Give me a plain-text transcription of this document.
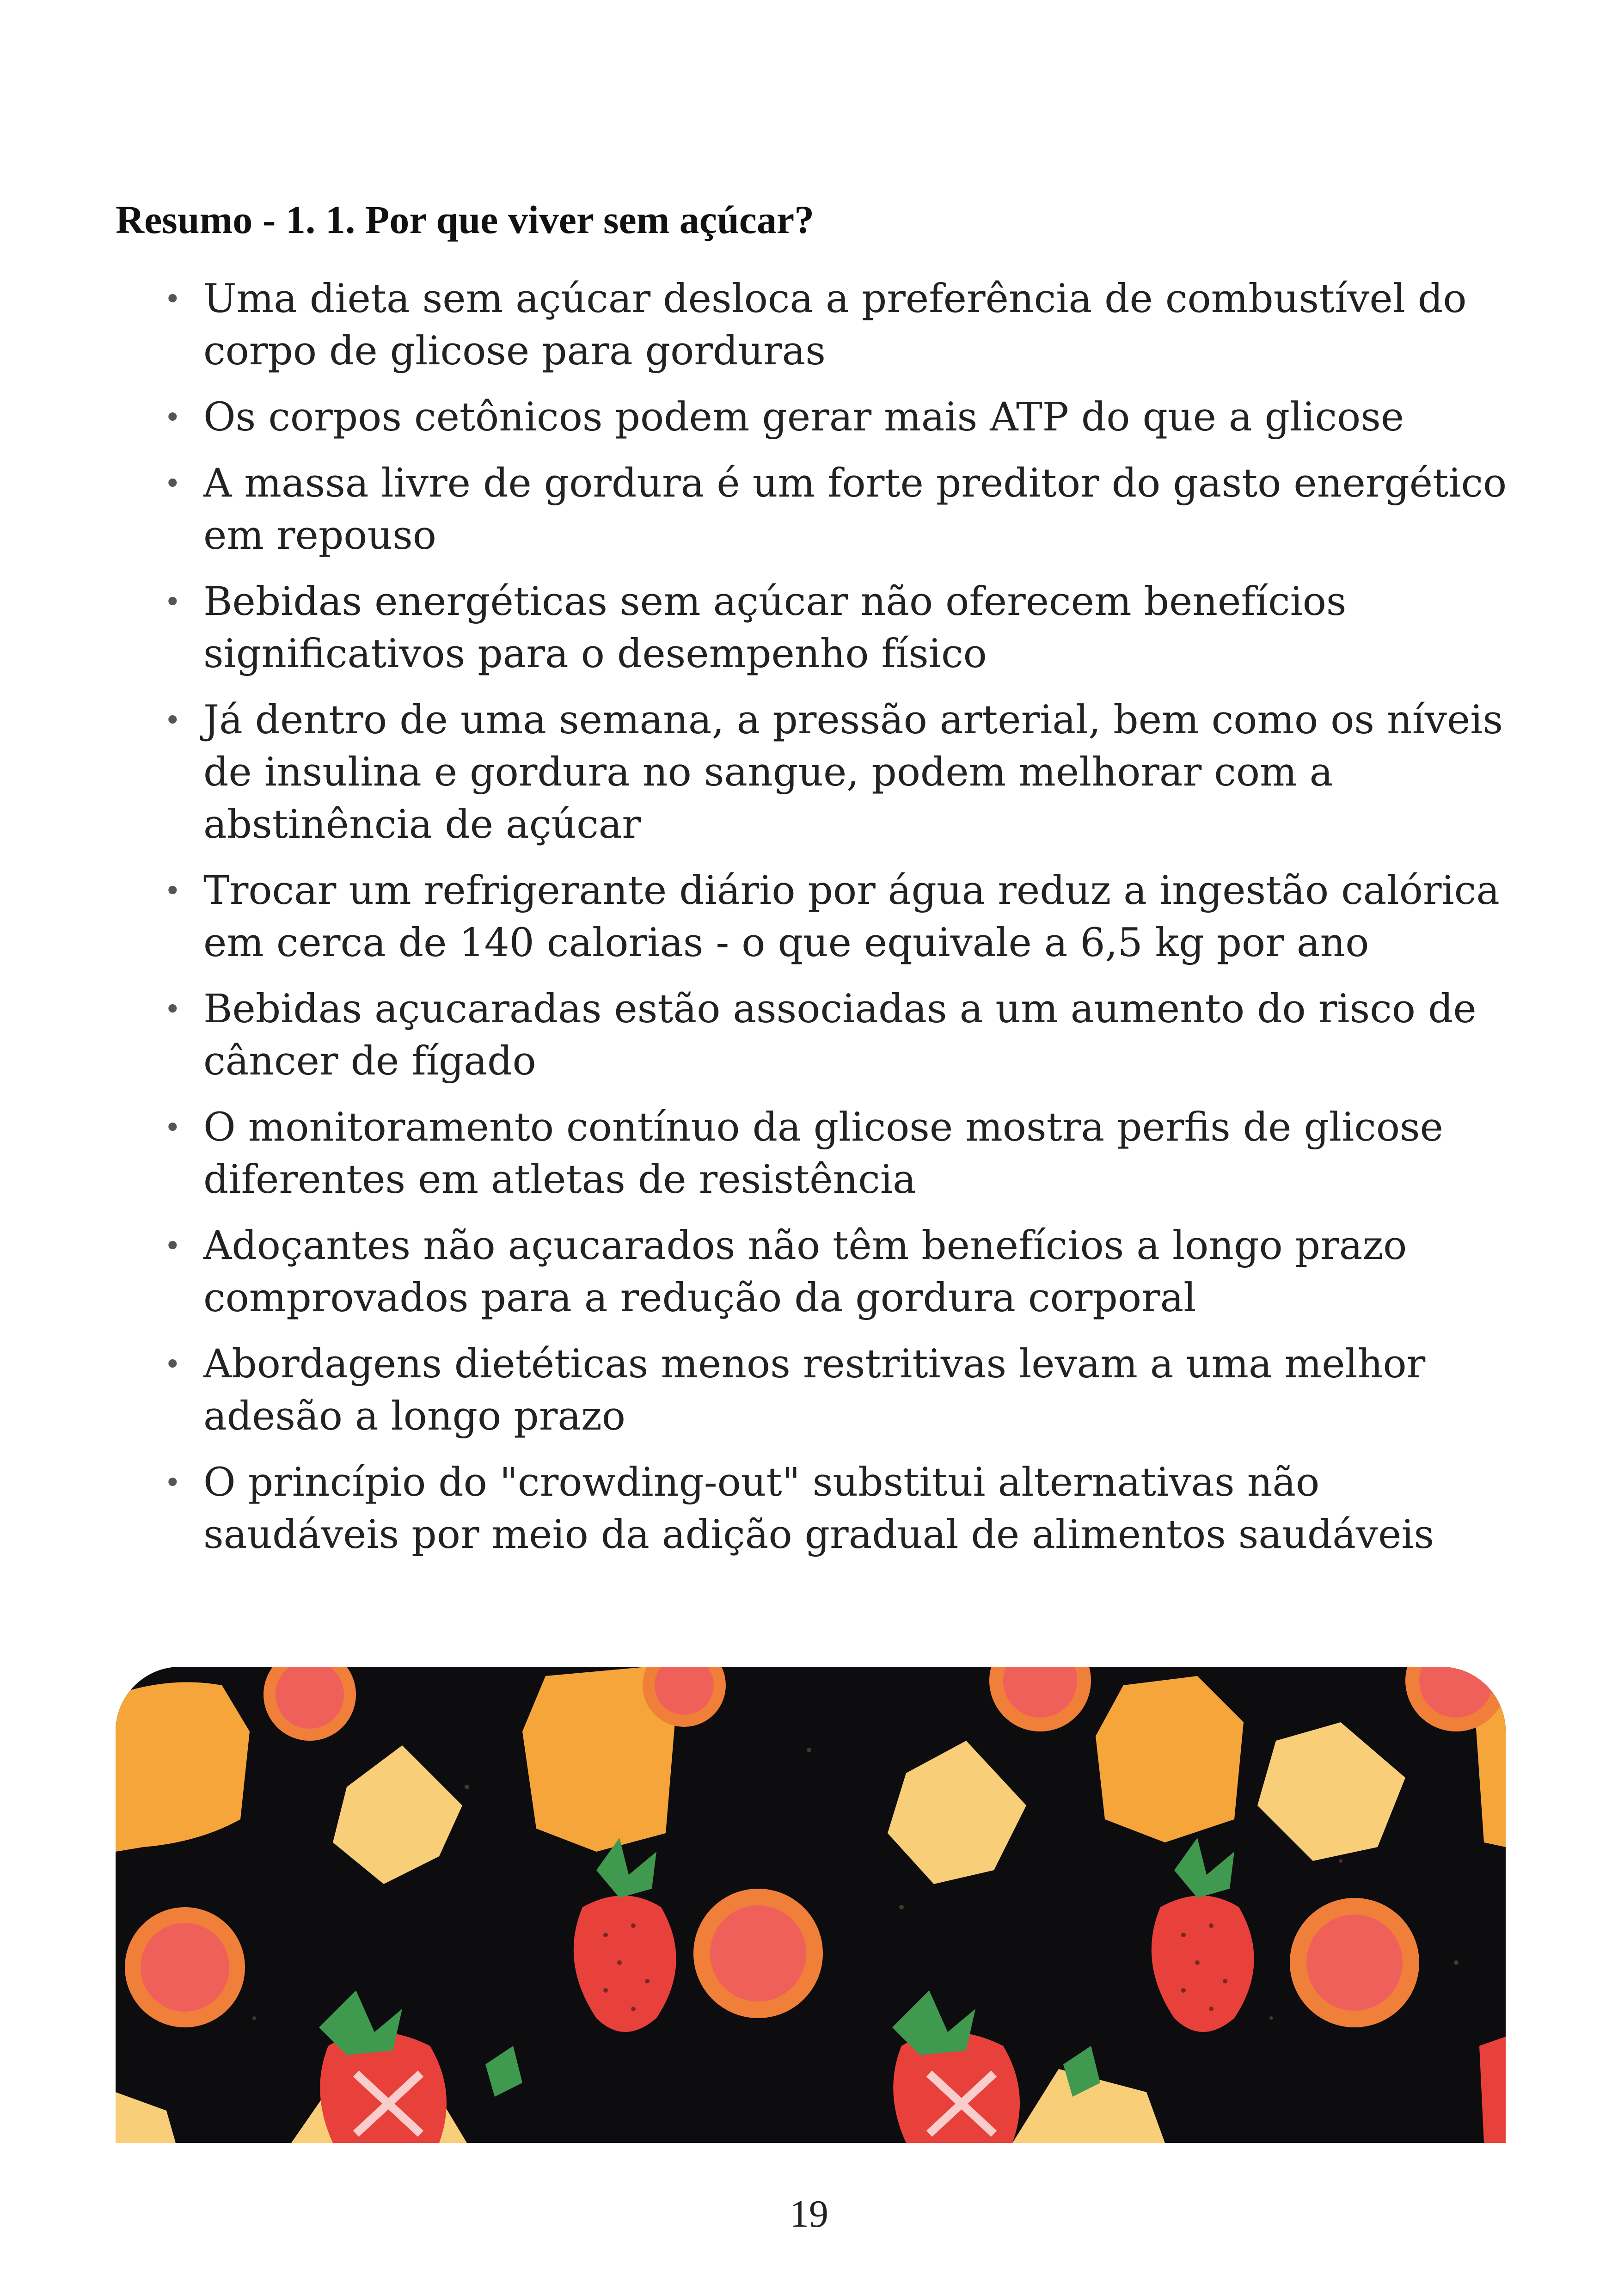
Resumo - 1. 1. Por que viver sem açúcar?
• Uma dieta sem açúcar desloca a preferência de combustível do corpo de glicose para gorduras
• Os corpos cetônicos podem gerar mais ATP do que a glicose
• A massa livre de gordura é um forte preditor do gasto energético em repouso
• Bebidas energéticas sem açúcar não oferecem benefícios significativos para o desempenho físico
• Já dentro de uma semana, a pressão arterial, bem como os níveis de insulina e gordura no sangue, podem melhorar com a abstinência de açúcar
• Trocar um refrigerante diário por água reduz a ingestão calórica em cerca de 140 calorias - o que equivale a 6,5 kg por ano
• Bebidas açucaradas estão associadas a um aumento do risco de câncer de fígado
• O monitoramento contínuo da glicose mostra perfis de glicose diferentes em atletas de resistência
• Adoçantes não açucarados não têm benefícios a longo prazo comprovados para a redução da gordura corporal
• Abordagens dietéticas menos restritivas levam a uma melhor adesão a longo prazo
• O princípio do "crowding-out" substitui alternativas não saudáveis por meio da adição gradual de alimentos saudáveis
19
